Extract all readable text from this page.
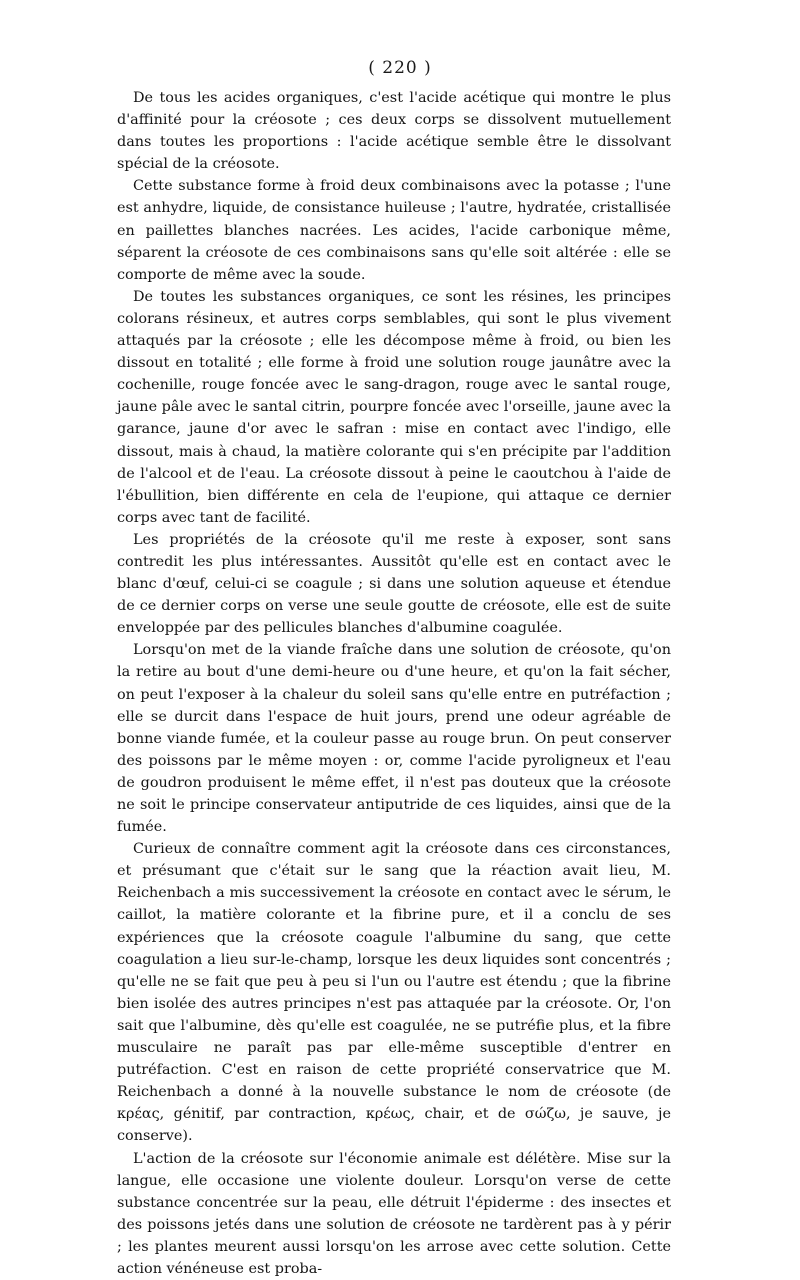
( 220 )

De tous les acides organiques, c'est l'acide acétique qui montre le plus d'affinité pour la créosote ; ces deux corps se dissolvent mutuellement dans toutes les proportions : l'acide acétique semble être le dissolvant spécial de la créosote.

Cette substance forme à froid deux combinaisons avec la potasse ; l'une est anhydre, liquide, de consistance huileuse ; l'autre, hydratée, cristallisée en paillettes blanches nacrées. Les acides, l'acide carbonique même, séparent la créosote de ces combinaisons sans qu'elle soit altérée : elle se comporte de même avec la soude.

De toutes les substances organiques, ce sont les résines, les principes colorans résineux, et autres corps semblables, qui sont le plus vivement attaqués par la créosote ; elle les décompose même à froid, ou bien les dissout en totalité ; elle forme à froid une solution rouge jaunâtre avec la cochenille, rouge foncée avec le sang-dragon, rouge avec le santal rouge, jaune pâle avec le santal citrin, pourpre foncée avec l'orseille, jaune avec la garance, jaune d'or avec le safran : mise en contact avec l'indigo, elle dissout, mais à chaud, la matière colorante qui s'en précipite par l'addition de l'alcool et de l'eau. La créosote dissout à peine le caoutchou à l'aide de l'ébullition, bien différente en cela de l'eupione, qui attaque ce dernier corps avec tant de facilité.

Les propriétés de la créosote qu'il me reste à exposer, sont sans contredit les plus intéressantes. Aussitôt qu'elle est en contact avec le blanc d'œuf, celui-ci se coagule ; si dans une solution aqueuse et étendue de ce dernier corps on verse une seule goutte de créosote, elle est de suite enveloppée par des pellicules blanches d'albumine coagulée.

Lorsqu'on met de la viande fraîche dans une solution de créosote, qu'on la retire au bout d'une demi-heure ou d'une heure, et qu'on la fait sécher, on peut l'exposer à la chaleur du soleil sans qu'elle entre en putréfaction ; elle se durcit dans l'espace de huit jours, prend une odeur agréable de bonne viande fumée, et la couleur passe au rouge brun. On peut conserver des poissons par le même moyen : or, comme l'acide pyroligneux et l'eau de goudron produisent le même effet, il n'est pas douteux que la créosote ne soit le principe conservateur antiputride de ces liquides, ainsi que de la fumée.

Curieux de connaître comment agit la créosote dans ces circonstances, et présumant que c'était sur le sang que la réaction avait lieu, M. Reichenbach a mis successivement la créosote en contact avec le sérum, le caillot, la matière colorante et la fibrine pure, et il a conclu de ses expériences que la créosote coagule l'albumine du sang, que cette coagulation a lieu sur-le-champ, lorsque les deux liquides sont concentrés ; qu'elle ne se fait que peu à peu si l'un ou l'autre est étendu ; que la fibrine bien isolée des autres principes n'est pas attaquée par la créosote. Or, l'on sait que l'albumine, dès qu'elle est coagulée, ne se putréfie plus, et la fibre musculaire ne paraît pas par elle-même susceptible d'entrer en putréfaction. C'est en raison de cette propriété conservatrice que M. Reichenbach a donné à la nouvelle substance le nom de créosote (de κρέας, génitif, par contraction, κρέως, chair, et de σώζω, je sauve, je conserve).

L'action de la créosote sur l'économie animale est délétère. Mise sur la langue, elle occasione une violente douleur. Lorsqu'on verse de cette substance concentrée sur la peau, elle détruit l'épiderme : des insectes et des poissons jetés dans une solution de créosote ne tardèrent pas à y périr ; les plantes meurent aussi lorsqu'on les arrose avec cette solution. Cette action vénéneuse est proba-
